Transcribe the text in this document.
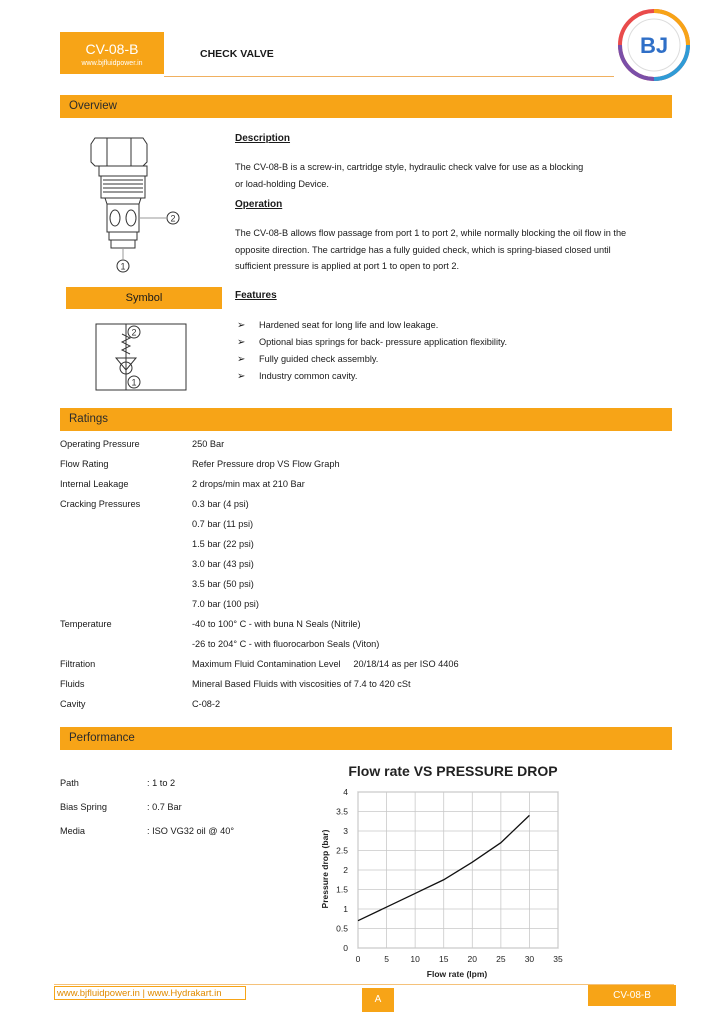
CV-08-B
www.bjfluidpower.in
CHECK VALVE	BJ
Overview
2
1
Description
The CV-08-B is a screw-in, cartridge style, hydraulic check valve for use as a blocking
or load-holding Device.
Operation
The CV-08-B allows flow passage from port 1 to port 2, while normally blocking the oil flow in the
opposite direction. The cartridge has a fully guided check, which is spring-biased closed until
sufficient pressure is applied at port 1 to open to port 2.
Symbol
2
1
Features
➢ Hardened seat for long life and low leakage.
➢ Optional bias springs for back- pressure application flexibility.
➢ Fully guided check assembly.
➢ Industry common cavity.
Ratings
Operating Pressure	250 Bar
Flow Rating	Refer Pressure drop VS Flow Graph
Internal Leakage	2 drops/min max at 210 Bar
Cracking Pressures	0.3 bar (4 psi)
0.7 bar (11 psi)
1.5 bar (22 psi)
3.0 bar (43 psi)
3.5 bar (50 psi)
7.0 bar (100 psi)
Temperature	-40 to 100° C - with buna N Seals (Nitrile)
-26 to 204° C - with fluorocarbon Seals (Viton)
Filtration	Maximum Fluid Contamination Level     20/18/14 as per ISO 4406
Fluids	Mineral Based Fluids with viscosities of 7.4 to 420 cSt
Cavity	C-08-2
Performance
Path	: 1 to 2
Bias Spring	: 0.7 Bar
Media	: ISO VG32 oil @ 40°
Flow rate VS PRESSURE DROP
0	5	10 15 20 25 30 35
0
0.5
1
1.5
2
2.5
3
3.5
4
Flow rate (lpm)
Pressure drop (bar)
www.bjfluidpower.in | www.Hydrakart.in
A	CV-08-B
